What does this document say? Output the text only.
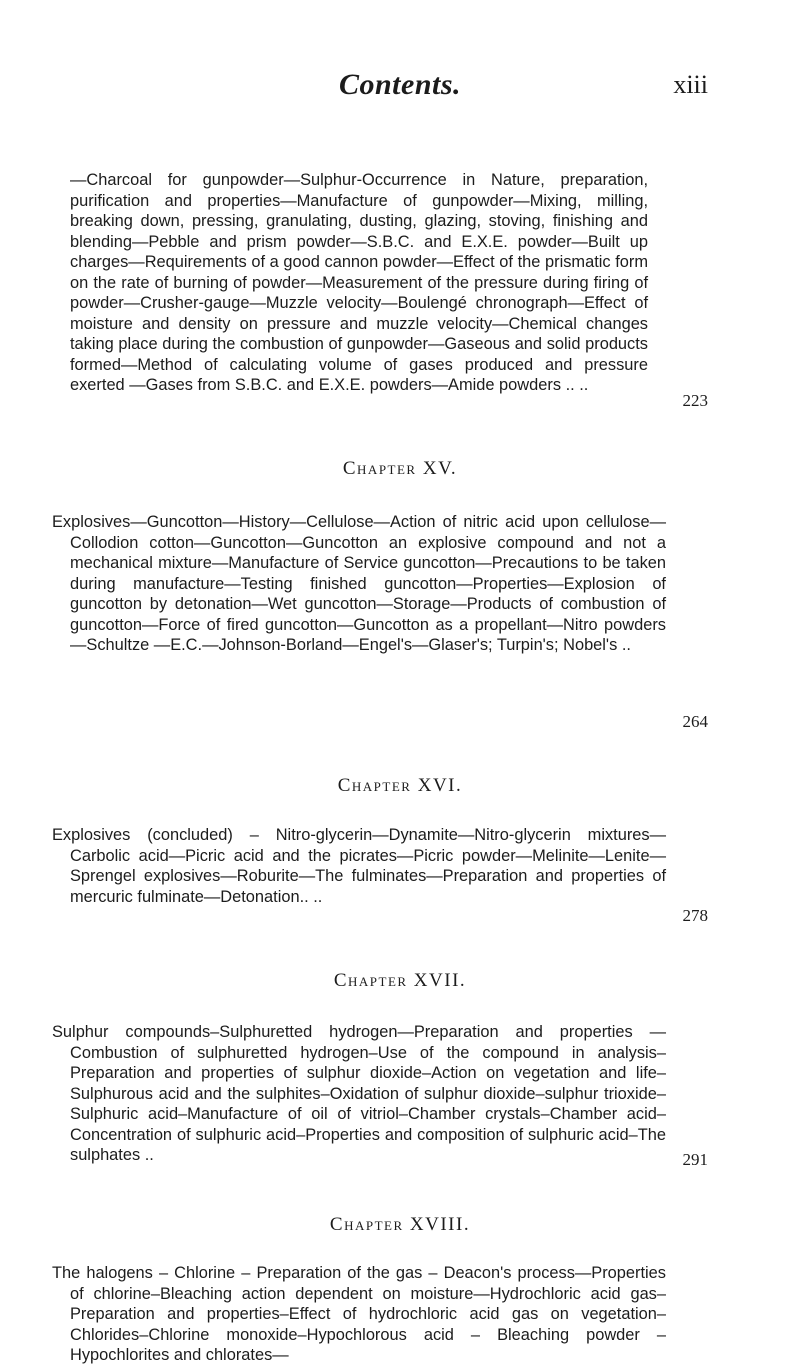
Contents.	xiii
—Charcoal for gunpowder—Sulphur-Occurrence in Nature, preparation, purification and properties—Manufacture of gunpowder—Mixing, milling, breaking down, pressing, granulating, dusting, glazing, stoving, finishing and blending—Pebble and prism powder—S.B.C. and E.X.E. powder—Built up charges—Requirements of a good cannon powder—Effect of the prismatic form on the rate of burning of powder—Measurement of the pressure during firing of powder—Crusher-gauge—Muzzle velocity—Boulengé chronograph—Effect of moisture and density on pressure and muzzle velocity—Chemical changes taking place during the combustion of gunpowder—Gaseous and solid products formed—Method of calculating volume of gases produced and pressure exerted —Gases from S.B.C. and E.X.E. powders—Amide powders .. ..
223
Chapter XV.
Explosives—Guncotton—History—Cellulose—Action of nitric acid upon cellulose—Collodion cotton—Guncotton—Guncotton an explosive compound and not a mechanical mixture—Manufacture of Service guncotton—Precautions to be taken during manufacture—Testing finished guncotton—Properties—Explosion of guncotton by detonation—Wet guncotton—Storage—Products of combustion of guncotton—Force of fired guncotton—Guncotton as a propellant—Nitro powders—Schultze —E.C.—Johnson-Borland—Engel's—Glaser's; Turpin's; Nobel's ..
264
Chapter XVI.
Explosives (concluded) – Nitro-glycerin—Dynamite—Nitro-glycerin mixtures—Carbolic acid—Picric acid and the picrates—Picric powder—Melinite—Lenite—Sprengel explosives—Roburite—The fulminates—Preparation and properties of mercuric fulminate—Detonation.. ..
278
Chapter XVII.
Sulphur compounds–Sulphuretted hydrogen—Preparation and properties —Combustion of sulphuretted hydrogen–Use of the compound in analysis–Preparation and properties of sulphur dioxide–Action on vegetation and life–Sulphurous acid and the sulphites–Oxidation of sulphur dioxide–sulphur trioxide–Sulphuric acid–Manufacture of oil of vitriol–Chamber crystals–Chamber acid–Concentration of sulphuric acid–Properties and composition of sulphuric acid–The sulphates ..	291
Chapter XVIII.
The halogens – Chlorine – Preparation of the gas – Deacon's process—Properties of chlorine–Bleaching action dependent on moisture—Hydrochloric acid gas–Preparation and properties–Effect of hydrochloric acid gas on vegetation–Chlorides–Chlorine monoxide–Hypochlorous acid – Bleaching powder – Hypochlorites and chlorates—
